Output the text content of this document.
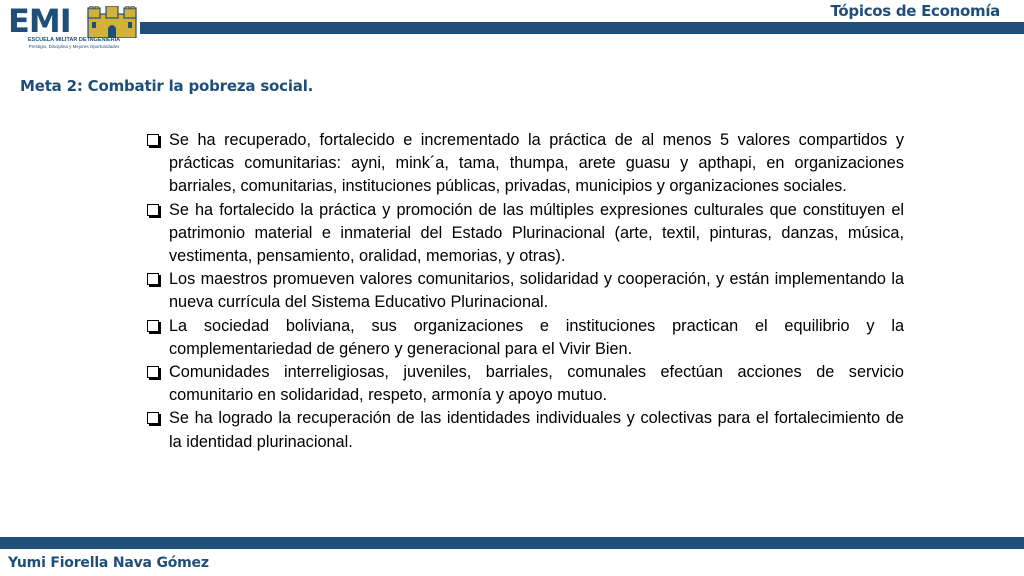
EMI
ESCUELA MILITAR DE INGENIERIA
Prestigio, Disciplina y Mejores Oportunidades
Tópicos de Economía
Meta 2: Combatir la pobreza social.
Se ha recuperado, fortalecido e incrementado la práctica de al menos 5 valores compartidos y prácticas comunitarias: ayni, mink´a, tama, thumpa, arete guasu y apthapi, en organizaciones barriales, comunitarias, instituciones públicas, privadas, municipios y organizaciones sociales.
Se ha fortalecido la práctica y promoción de las múltiples expresiones culturales que constituyen el patrimonio material e inmaterial del Estado Plurinacional (arte, textil, pinturas, danzas, música, vestimenta, pensamiento, oralidad, memorias, y otras).
Los maestros promueven valores comunitarios, solidaridad y cooperación, y están implementando la nueva currícula del Sistema Educativo Plurinacional.
La sociedad boliviana, sus organizaciones e instituciones practican el equilibrio y la complementariedad de género y generacional para el Vivir Bien.
Comunidades interreligiosas, juveniles, barriales, comunales efectúan acciones de servicio comunitario en solidaridad, respeto, armonía y apoyo mutuo.
Se ha logrado la recuperación de las identidades individuales y colectivas para el fortalecimiento de la identidad plurinacional.
Yumi Fiorella Nava Gómez
